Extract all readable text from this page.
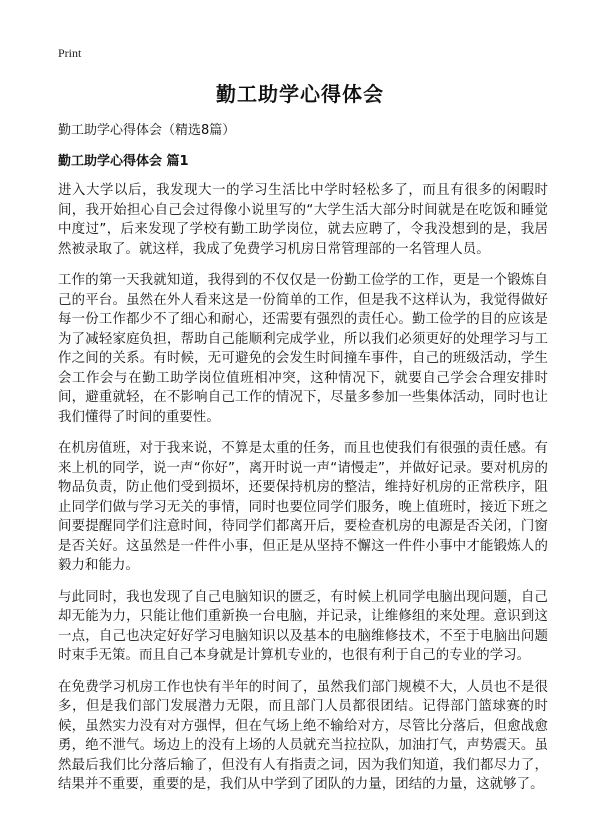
Print
勤工助学心得体会

勤工助学心得体会（精选8篇）

勤工助学心得体会 篇1

进入大学以后，我发现大一的学习生活比中学时轻松多了，而且有很多的闲暇时间，我开始担心自己会过得像小说里写的“大学生活大部分时间就是在吃饭和睡觉中度过”，后来发现了学校有勤工助学岗位，就去应聘了，令我没想到的是，我居然被录取了。就这样，我成了免费学习机房日常管理部的一名管理人员。

工作的第一天我就知道，我得到的不仅仅是一份勤工俭学的工作，更是一个锻炼自己的平台。虽然在外人看来这是一份简单的工作，但是我不这样认为，我觉得做好每一份工作都少不了细心和耐心，还需要有强烈的责任心。勤工俭学的目的应该是为了减轻家庭负担，帮助自己能顺利完成学业，所以我们必须更好的处理学习与工作之间的关系。有时候，无可避免的会发生时间撞车事件，自己的班级活动，学生会工作会与在勤工助学岗位值班相冲突，这种情况下，就要自己学会合理安排时间，避重就轻，在不影响自己工作的情况下，尽量多参加一些集体活动，同时也让我们懂得了时间的重要性。

在机房值班，对于我来说，不算是太重的任务，而且也使我们有很强的责任感。有来上机的同学，说一声“你好”，离开时说一声“请慢走”，并做好记录。要对机房的物品负责，防止他们受到损坏，还要保持机房的整洁，维持好机房的正常秩序，阻止同学们做与学习无关的事情，同时也要位同学们服务，晚上值班时，接近下班之间要提醒同学们注意时间，待同学们都离开后，要检查机房的电源是否关闭，门窗是否关好。这虽然是一件件小事，但正是从坚持不懈这一件件小事中才能锻炼人的毅力和能力。

与此同时，我也发现了自己电脑知识的匮乏，有时候上机同学电脑出现问题，自己却无能为力，只能让他们重新换一台电脑，并记录，让维修组的来处理。意识到这一点，自己也决定好好学习电脑知识以及基本的电脑维修技术，不至于电脑出问题时束手无策。而且自己本身就是计算机专业的，也很有利于自己的专业的学习。

在免费学习机房工作也快有半年的时间了，虽然我们部门规模不大，人员也不是很多，但是我们部门发展潜力无限，而且部门人员都很团结。记得部门篮球赛的时候，虽然实力没有对方强悍，但在气场上绝不输给对方，尽管比分落后，但愈战愈勇，绝不泄气。场边上的没有上场的人员就充当拉拉队，加油打气，声势震天。虽然最后我们比分落后输了，但没有人有指责之词，因为我们知道，我们都尽力了，结果并不重要，重要的是，我们从中学到了团队的力量，团结的力量，这就够了。
